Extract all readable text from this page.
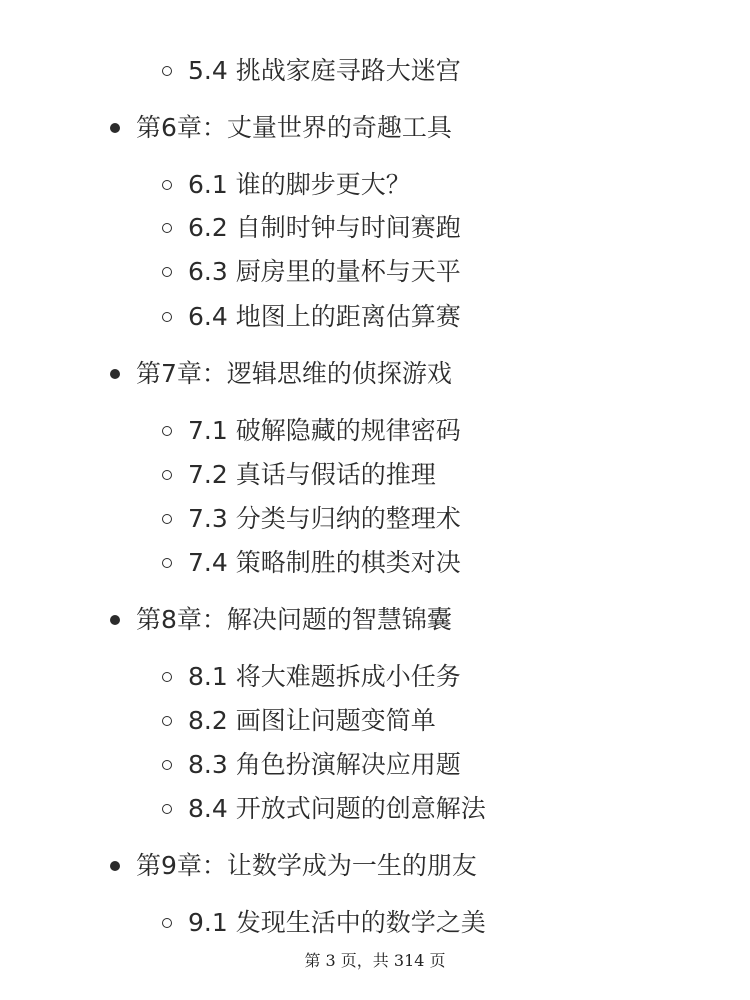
5.4 挑战家庭寻路大迷宫
第6章：丈量世界的奇趣工具
6.1 谁的脚步更大？
6.2 自制时钟与时间赛跑
6.3 厨房里的量杯与天平
6.4 地图上的距离估算赛
第7章：逻辑思维的侦探游戏
7.1 破解隐藏的规律密码
7.2 真话与假话的推理
7.3 分类与归纳的整理术
7.4 策略制胜的棋类对决
第8章：解决问题的智慧锦囊
8.1 将大难题拆成小任务
8.2 画图让问题变简单
8.3 角色扮演解决应用题
8.4 开放式问题的创意解法
第9章：让数学成为一生的朋友
9.1 发现生活中的数学之美
第 3 页，共 314 页
